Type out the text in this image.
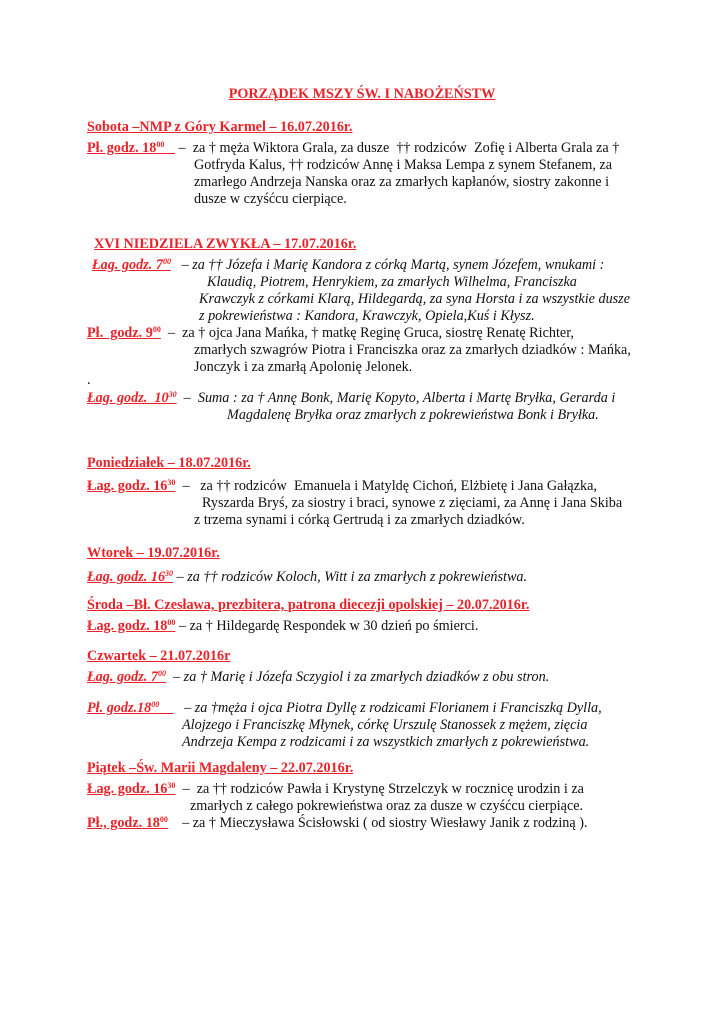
PORZĄDEK MSZY ŚW. I NABOŻEŃSTW
Sobota –NMP z Góry Karmel – 16.07.2016r.
Pł. godz. $18^{00}$    –  za † męża Wiktora Grala, za dusze  †† rodziców  Zofię i Alberta Grala za †
Gotfryda Kalus, †† rodziców Annę i Maksa Lempa z synem Stefanem, za
zmarłego Andrzeja Nanska oraz za zmarłych kapłanów, siostry zakonne i
dusze w czyśćcu cierpiące.
XVI NIEDZIELA ZWYKŁA – 17.07.2016r.
Łag. godz. $7^{00}$   – za †† Józefa i Marię Kandora z córką Martą, synem Józefem, wnukami :
Klaudią, Piotrem, Henrykiem, za zmarłych Wilhelma, Franciszka
Krawczyk z córkami Klarą, Hildegardą, za syna Horsta i za wszystkie dusze
z pokrewieństwa : Kandora, Krawczyk, Opiela,Kuś i Kłysz.
Pł.  godz. $9^{00}$  –  za † ojca Jana Mańka, † matkę Reginę Gruca, siostrę Renatę Richter,
zmarłych szwagrów Piotra i Franciszka oraz za zmarłych dziadków : Mańka,
Jonczyk i za zmarłą Apolonię Jelonek.
.
Łag. godz.  $10^{30}$  –  Suma : za † Annę Bonk, Marię Kopyto, Alberta i Martę Bryłka, Gerarda i
Magdalenę Bryłka oraz zmarłych z pokrewieństwa Bonk i Bryłka.
Poniedziałek – 18.07.2016r.
Łag. godz. $16^{30}$  –   za †† rodziców  Emanuela i Matyldę Cichoń, Elżbietę i Jana Gałązka,
Ryszarda Bryś, za siostry i braci, synowe z zięciami, za Annę i Jana Skiba
z trzema synami i córką Gertrudą i za zmarłych dziadków.
Wtorek – 19.07.2016r.
Łag. godz. $16^{30}$ – za †† rodziców Koloch, Witt i za zmarłych z pokrewieństwa.
Środa –Bł. Czesława, prezbitera, patrona diecezji opolskiej – 20.07.2016r.
Łag. godz. $18^{00}$ – za † Hildegardę Respondek w 30 dzień po śmierci.
Czwartek – 21.07.2016r
Łag. godz. $7^{00}$  – za † Marię i Józefa Sczygiol i za zmarłych dziadków z obu stron.
Pł. $godz.18^{00}$       – za †męża i ojca Piotra Dyllę z rodzicami Florianem i Franciszką Dylla,
Alojzego i Franciszkę Młynek, córkę Urszulę Stanossek z mężem, zięcia
Andrzeja Kempa z rodzicami i za wszystkich zmarłych z pokrewieństwa.
Piątek –Św. Marii Magdaleny – 22.07.2016r.
Łag. godz. $16^{30}$  –  za †† rodziców Pawła i Krystynę Strzelczyk w rocznicę urodzin i za
zmarłych z całego pokrewieństwa oraz za dusze w czyśćcu cierpiące.
Pł., godz. $18^{00}$    – za † Mieczysława Ścisłowski ( od siostry Wiesławy Janik z rodziną ).
